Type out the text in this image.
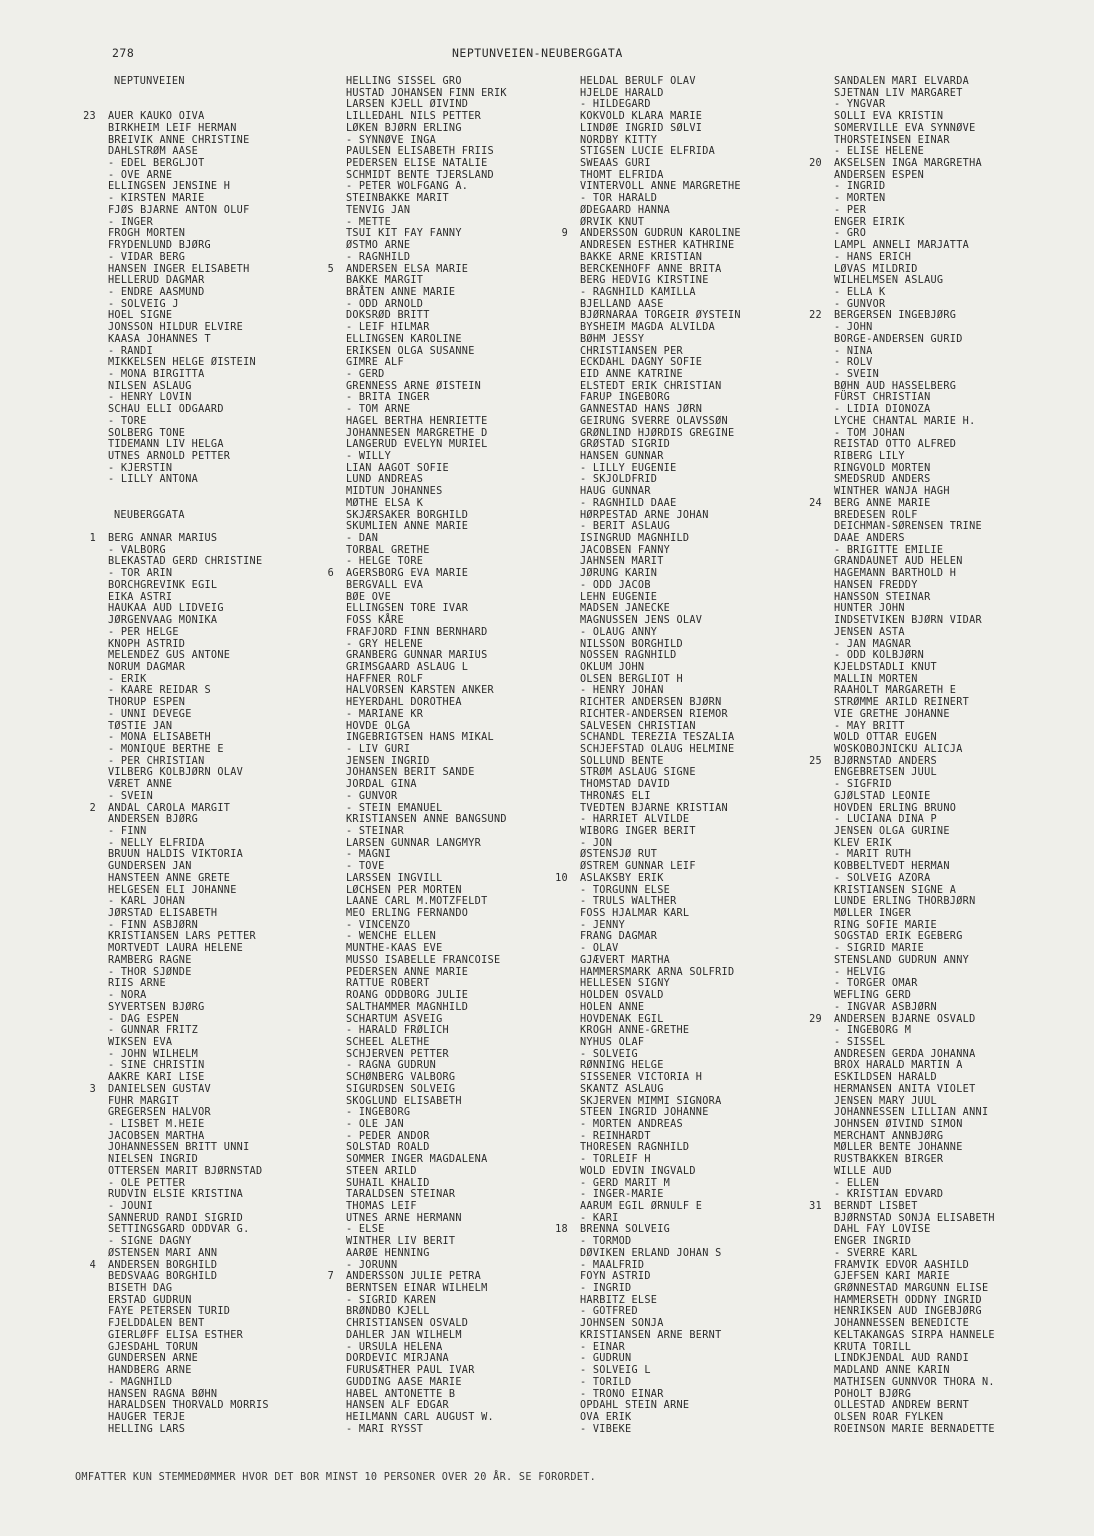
278	NEPTUNVEIEN-NEUBERGGATA
NEPTUNVEIEN
23 AUER KAUKO OIVA
BIRKHEIM LEIF HERMAN
BREIVIK ANNE CHRISTINE
DAHLSTRØM AASE
- EDEL BERGLJOT
- OVE ARNE
ELLINGSEN JENSINE H
- KIRSTEN MARIE
FJØS BJARNE ANTON OLUF
- INGER
FROGH MORTEN
FRYDENLUND BJØRG
- VIDAR BERG
HANSEN INGER ELISABETH
HELLERUD DAGMAR
- ENDRE AASMUND
- SOLVEIG J
HOEL SIGNE
JONSSON HILDUR ELVIRE
KAASA JOHANNES T
- RANDI
MIKKELSEN HELGE ØISTEIN
- MONA BIRGITTA
NILSEN ASLAUG
- HENRY LOVIN
SCHAU ELLI ODGAARD
- TORE
SOLBERG TONE
TIDEMANN LIV HELGA
UTNES ARNOLD PETTER
- KJERSTIN
- LILLY ANTONA
NEUBERGGATA
1 BERG ANNAR MARIUS
- VALBORG
BLEKASTAD GERD CHRISTINE
- TOR ARIN
BORCHGREVINK EGIL
EIKA ASTRI
HAUKAA AUD LIDVEIG
JØRGENVAAG MONIKA
- PER HELGE
KNOPH ASTRID
MELENDEZ GUS ANTONE
NORUM DAGMAR
- ERIK
- KAARE REIDAR S
THORUP ESPEN
- UNNI DEVEGE
TØSTIE JAN
- MONA ELISABETH
- MONIQUE BERTHE E
- PER CHRISTIAN
VILBERG KOLBJØRN OLAV
VÆRET ANNE
- SVEIN
2 ANDAL CAROLA MARGIT
ANDERSEN BJØRG
- FINN
- NELLY ELFRIDA
BRUUN HALDIS VIKTORIA
GUNDERSEN JAN
HANSTEEN ANNE GRETE
HELGESEN ELI JOHANNE
- KARL JOHAN
JØRSTAD ELISABETH
- FINN ASBJØRN
KRISTIANSEN LARS PETTER
MORTVEDT LAURA HELENE
RAMBERG RAGNE
- THOR SJØNDE
RIIS ARNE
- NORA
SYVERTSEN BJØRG
- DAG ESPEN
- GUNNAR FRITZ
WIKSEN EVA
- JOHN WILHELM
- SINE CHRISTIN
AAKRE KARI LISE
3 DANIELSEN GUSTAV
FUHR MARGIT
GREGERSEN HALVOR
- LISBET M.HEIE
JACOBSEN MARTHA
JOHANNESSEN BRITT UNNI
NIELSEN INGRID
OTTERSEN MARIT BJØRNSTAD
- OLE PETTER
RUDVIN ELSIE KRISTINA
- JOUNI
SANNERUD RANDI SIGRID
SETTINGSGARD ODDVAR G.
- SIGNE DAGNY
ØSTENSEN MARI ANN
4 ANDERSEN BORGHILD
BEDSVAAG BORGHILD
BISETH DAG
ERSTAD GUDRUN
FAYE PETERSEN TURID
FJELDDALEN BENT
GIERLØFF ELISA ESTHER
GJESDAHL TORUN
GUNDERSEN ARNE
HANDBERG ARNE
- MAGNHILD
HANSEN RAGNA BØHN
HARALDSEN THORVALD MORRIS
HAUGER TERJE
HELLING LARS
HELLING SISSEL GRO
HUSTAD JOHANSEN FINN ERIK
LARSEN KJELL ØIVIND
LILLEDAHL NILS PETTER
LØKEN BJØRN ERLING
- SYNNØVE INGA
PAULSEN ELISABETH FRIIS
PEDERSEN ELISE NATALIE
SCHMIDT BENTE TJERSLAND
- PETER WOLFGANG A.
STEINBAKKE MARIT
TENVIG JAN
- METTE
TSUI KIT FAY FANNY
ØSTMO ARNE
- RAGNHILD
5 ANDERSEN ELSA MARIE
BAKKE MARGIT
BRÅTEN ANNE MARIE
- ODD ARNOLD
DOKSRØD BRITT
- LEIF HILMAR
ELLINGSEN KAROLINE
ERIKSEN OLGA SUSANNE
GIMRE ALF
- GERD
GRENNESS ARNE ØISTEIN
- BRITA INGER
- TOM ARNE
HAGEL BERTHA HENRIETTE
JOHANNESEN MARGRETHE D
LANGERUD EVELYN MURIEL
- WILLY
LIAN AAGOT SOFIE
LUND ANDREAS
MIDTUN JOHANNES
MØTHE ELSA K
SKJÆRSAKER BORGHILD
SKUMLIEN ANNE MARIE
- DAN
TORBAL GRETHE
- HELGE TORE
6 AGERSBORG EVA MARIE
BERGVALL EVA
BØE OVE
ELLINGSEN TORE IVAR
FOSS KÅRE
FRAFJORD FINN BERNHARD
- GRY HELENE
GRANBERG GUNNAR MARIUS
GRIMSGAARD ASLAUG L
HAFFNER ROLF
HALVORSEN KARSTEN ANKER
HEYERDAHL DOROTHEA
- MARIANE KR
HOVDE OLGA
INGEBRIGTSEN HANS MIKAL
- LIV GURI
JENSEN INGRID
JOHANSEN BERIT SANDE
JORDAL GINA
- GUNVOR
- STEIN EMANUEL
KRISTIANSEN ANNE BANGSUND
- STEINAR
LARSEN GUNNAR LANGMYR
- MAGNI
- TOVE
LARSSEN INGVILL
LØCHSEN PER MORTEN
LAANE CARL M.MOTZFELDT
MEO ERLING FERNANDO
- VINCENZO
- WENCHE ELLEN
MUNTHE-KAAS EVE
MUSSO ISABELLE FRANCOISE
PEDERSEN ANNE MARIE
RATTUE ROBERT
ROANG ODDBORG JULIE
SALTHAMMER MAGNHILD
SCHARTUM ASVEIG
- HARALD FRØLICH
SCHEEL ALETHE
SCHJERVEN PETTER
- RAGNA GUDRUN
SCHØNBERG VALBORG
SIGURDSEN SOLVEIG
SKOGLUND ELISABETH
- INGEBORG
- OLE JAN
- PEDER ANDOR
SOLSTAD ROALD
SOMMER INGER MAGDALENA
STEEN ARILD
SUHAIL KHALID
TARALDSEN STEINAR
THOMAS LEIF
UTNES ARNE HERMANN
- ELSE
WINTHER LIV BERIT
AARØE HENNING
- JORUNN
7 ANDERSSON JULIE PETRA
BERNTSEN EINAR WILHELM
- SIGRID KAREN
BRØNDBO KJELL
CHRISTIANSEN OSVALD
DAHLER JAN WILHELM
- URSULA HELENA
DORDEVIC MIRJANA
FURUSÆTHER PAUL IVAR
GUDDING AASE MARIE
HABEL ANTONETTE B
HANSEN ALF EDGAR
HEILMANN CARL AUGUST W.
- MARI RYSST
HELDAL BERULF OLAV
HJELDE HARALD
- HILDEGARD
KOKVOLD KLARA MARIE
LINDØE INGRID SØLVI
NORDBY KITTY
STIGSEN LUCIE ELFRIDA
SWEAAS GURI
THOMT ELFRIDA
VINTERVOLL ANNE MARGRETHE
- TOR HARALD
ØDEGAARD HANNA
ØRVIK KNUT
9 ANDERSSON GUDRUN KAROLINE
ANDRESEN ESTHER KATHRINE
BAKKE ARNE KRISTIAN
BERCKENHOFF ANNE BRITA
BERG HEDVIG KIRSTINE
- RAGNHILD KAMILLA
BJELLAND AASE
BJØRNARAA TORGEIR ØYSTEIN
BYSHEIM MAGDA ALVILDA
BØHM JESSY
CHRISTIANSEN PER
ECKDAHL DAGNY SOFIE
EID ANNE KATRINE
ELSTEDT ERIK CHRISTIAN
FARUP INGEBORG
GANNESTAD HANS JØRN
GEIRUNG SVERRE OLAVSSØN
GRØNLIND HJØRDIS GREGINE
GRØSTAD SIGRID
HANSEN GUNNAR
- LILLY EUGENIE
- SKJOLDFRID
HAUG GUNNAR
- RAGNHILD DAAE
HØRPESTAD ARNE JOHAN
- BERIT ASLAUG
ISINGRUD MAGNHILD
JACOBSEN FANNY
JAHNSEN MARIT
JØRUNG KARIN
- ODD JACOB
LEHN EUGENIE
MADSEN JANECKE
MAGNUSSEN JENS OLAV
- OLAUG ANNY
NILSSON BORGHILD
NOSSEN RAGNHILD
OKLUM JOHN
OLSEN BERGLIOT H
- HENRY JOHAN
RICHTER ANDERSEN BJØRN
RICHTER-ANDERSEN RIEMOR
SALVESEN CHRISTIAN
SCHANDL TEREZIA TESZALIA
SCHJEFSTAD OLAUG HELMINE
SOLLUND BENTE
STRØM ASLAUG SIGNE
THOMSTAD DAVID
THRONÆS ELI
TVEDTEN BJARNE KRISTIAN
- HARRIET ALVILDE
WIBORG INGER BERIT
- JON
ØSTENSJØ RUT
ØSTREM GUNNAR LEIF
10 ASLAKSBY ERIK
- TORGUNN ELSE
- TRULS WALTHER
FOSS HJALMAR KARL
- JENNY
FRANG DAGMAR
- OLAV
GJÆVERT MARTHA
HAMMERSMARK ARNA SOLFRID
HELLESEN SIGNY
HOLDEN OSVALD
HOLEN ANNE
HOVDENAK EGIL
KROGH ANNE-GRETHE
NYHUS OLAF
- SOLVEIG
RØNNING HELGE
SISSENER VICTORIA H
SKANTZ ASLAUG
SKJERVEN MIMMI SIGNORA
STEEN INGRID JOHANNE
- MORTEN ANDREAS
- REINHARDT
THORESEN RAGNHILD
- TORLEIF H
WOLD EDVIN INGVALD
- GERD MARIT M
- INGER-MARIE
AARUM EGIL ØRNULF E
- KARI
18 BRENNA SOLVEIG
- TORMOD
DØVIKEN ERLAND JOHAN S
- MAALFRID
FOYN ASTRID
- INGRID
HARBITZ ELSE
- GOTFRED
JOHNSEN SONJA
KRISTIANSEN ARNE BERNT
- EINAR
- GUDRUN
- SOLVEIG L
- TORILD
- TRONO EINAR
OPDAHL STEIN ARNE
OVA ERIK
- VIBEKE
SANDALEN MARI ELVARDA
SJETNAN LIV MARGARET
- YNGVAR
SOLLI EVA KRISTIN
SOMERVILLE EVA SYNNØVE
THORSTEINSEN EINAR
- ELISE HELENE
20 AKSELSEN INGA MARGRETHA
ANDERSEN ESPEN
- INGRID
- MORTEN
- PER
ENGER EIRIK
- GRO
LAMPL ANNELI MARJATTA
- HANS ERICH
LØVAS MILDRID
WILHELMSEN ASLAUG
- ELLA K
- GUNVOR
22 BERGERSEN INGEBJØRG
- JOHN
BORGE-ANDERSEN GURID
- NINA
- ROLV
- SVEIN
BØHN AUD HASSELBERG
FÜRST CHRISTIAN
- LIDIA DIONOZA
LYCHE CHANTAL MARIE H.
- TOM JOHAN
REISTAD OTTO ALFRED
RIBERG LILY
RINGVOLD MORTEN
SMEDSRUD ANDERS
WINTHER WANJA HAGH
24 BERG ANNE MARIE
BREDESEN ROLF
DEICHMAN-SØRENSEN TRINE
DAAE ANDERS
- BRIGITTE EMILIE
GRANDAUNET AUD HELEN
HAGEMANN BARTHOLD H
HANSEN FREDDY
HANSSON STEINAR
HUNTER JOHN
INDSETVIKEN BJØRN VIDAR
JENSEN ASTA
- JAN MAGNAR
- ODD KOLBJØRN
KJELDSTADLI KNUT
MALLIN MORTEN
RAAHOLT MARGARETH E
STRØMME ARILD REINERT
VIE GRETHE JOHANNE
- MAY BRITT
WOLD OTTAR EUGEN
WOSKOBOJNICKU ALICJA
25 BJØRNSTAD ANDERS
ENGEBRETSEN JUUL
- SIGFRID
GJØLSTAD LEONIE
HOVDEN ERLING BRUNO
- LUCIANA DINA P
JENSEN OLGA GURINE
KLEV ERIK
- MARIT RUTH
KOBBELTVEDT HERMAN
- SOLVEIG AZORA
KRISTIANSEN SIGNE A
LUNDE ERLING THORBJØRN
MØLLER INGER
RING SOFIE MARIE
SOGSTAD ERIK EGEBERG
- SIGRID MARIE
STENSLAND GUDRUN ANNY
- HELVIG
- TORGER OMAR
WEFLING GERD
- INGVAR ASBJØRN
29 ANDERSEN BJARNE OSVALD
- INGEBORG M
- SISSEL
ANDRESEN GERDA JOHANNA
BROX HARALD MARTIN A
ESKILDSEN HARALD
HERMANSEN ANITA VIOLET
JENSEN MARY JUUL
JOHANNESSEN LILLIAN ANNI
JOHNSEN ØIVIND SIMON
MERCHANT ANNBJØRG
MØLLER BENTE JOHANNE
RUSTBAKKEN BIRGER
WILLE AUD
- ELLEN
- KRISTIAN EDVARD
31 BERNDT LISBET
BJØRNSTAD SONJA ELISABETH
DAHL FAY LOVISE
ENGER INGRID
- SVERRE KARL
FRAMVIK EDVOR AASHILD
GJEFSEN KARI MARIE
GRØNNESTAD MARGUNN ELISE
HAMMERSETH ODDNY INGRID
HENRIKSEN AUD INGEBJØRG
JOHANNESSEN BENEDICTE
KELTAKANGAS SIRPA HANNELE
KRUTA TORILL
LINDKJENDAL AUD RANDI
MADLAND ANNE KARIN
MATHISEN GUNNVOR THORA N.
POHOLT BJØRG
OLLESTAD ANDREW BERNT
OLSEN ROAR FYLKEN
ROEINSON MARIE BERNADETTE
OMFATTER KUN STEMMEDØMMER HVOR DET BOR MINST 10 PERSONER OVER 20 ÅR. SE FORORDET.
